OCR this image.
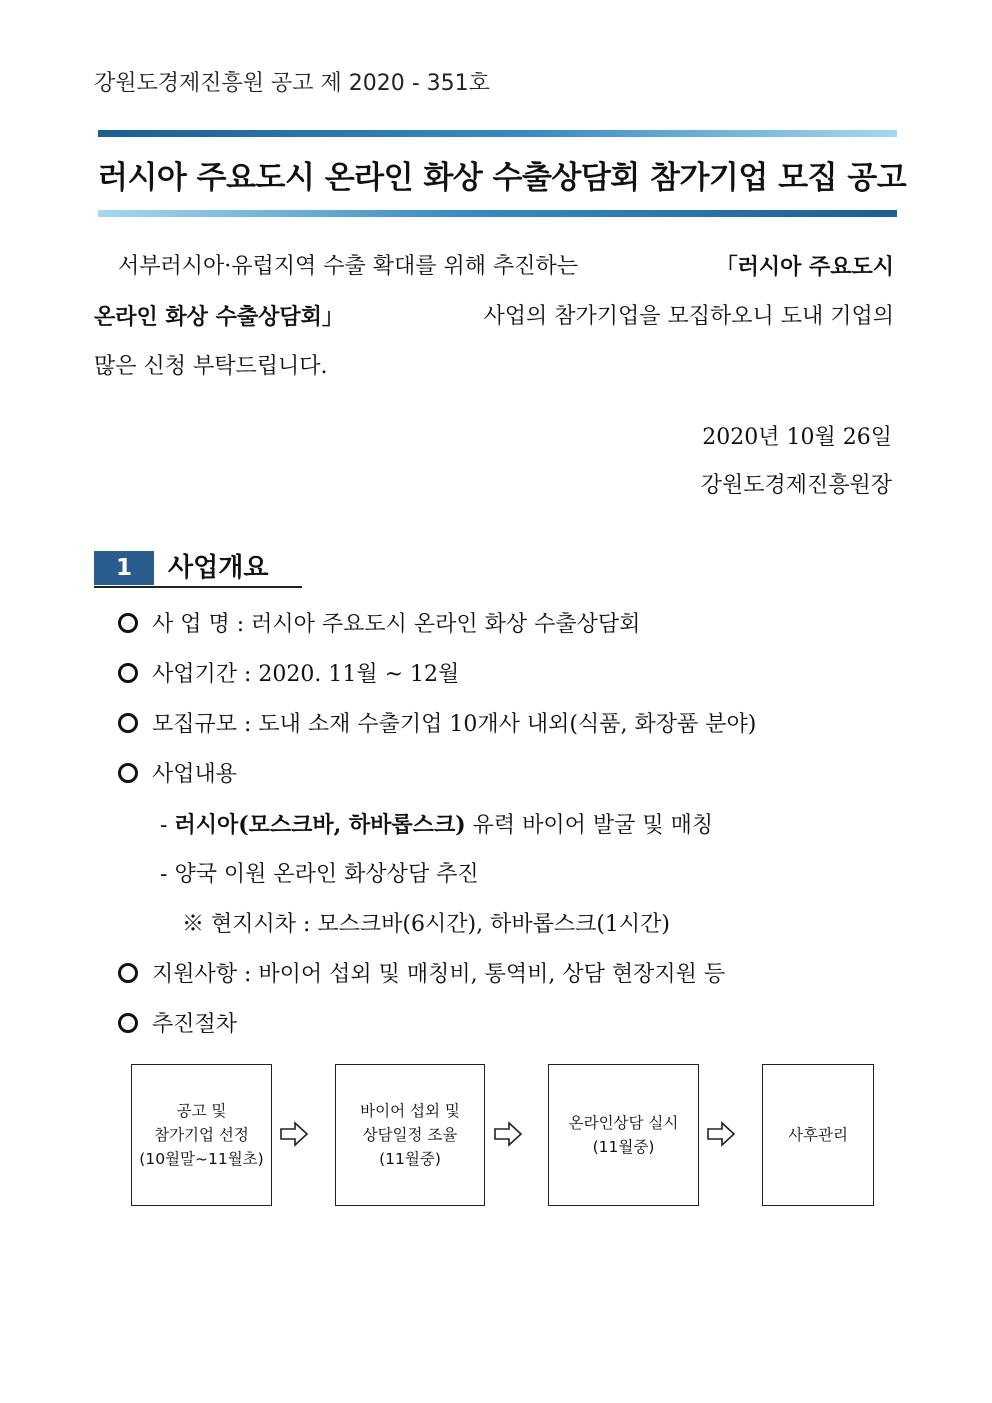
강원도경제진흥원 공고 제 2020 - 351호
러시아 주요도시 온라인 화상 수출상담회 참가기업 모집 공고
서부러시아·유럽지역 수출 확대를 위해 추진하는	「러시아 주요도시
온라인 화상 수출상담회」	사업의 참가기업을 모집하오니 도내 기업의
많은 신청 부탁드립니다.
2020년 10월 26일
강원도경제진흥원장
1	사업개요
사 업 명 : 러시아 주요도시 온라인 화상 수출상담회
사업기간 : 2020. 11월 ~ 12월
모집규모 : 도내 소재 수출기업 10개사 내외(식품, 화장품 분야)
사업내용
- 러시아(모스크바, 하바롭스크) 유력 바이어 발굴 및 매칭
- 양국 이원 온라인 화상상담 추진
※ 현지시차 : 모스크바(6시간), 하바롭스크(1시간)
지원사항 : 바이어 섭외 및 매칭비, 통역비, 상담 현장지원 등
추진절차
공고 및
참가기업 선정
(10월말~11월초)
바이어 섭외 및
상담일정 조율
(11월중)
온라인상담 실시
(11월중)
사후관리
